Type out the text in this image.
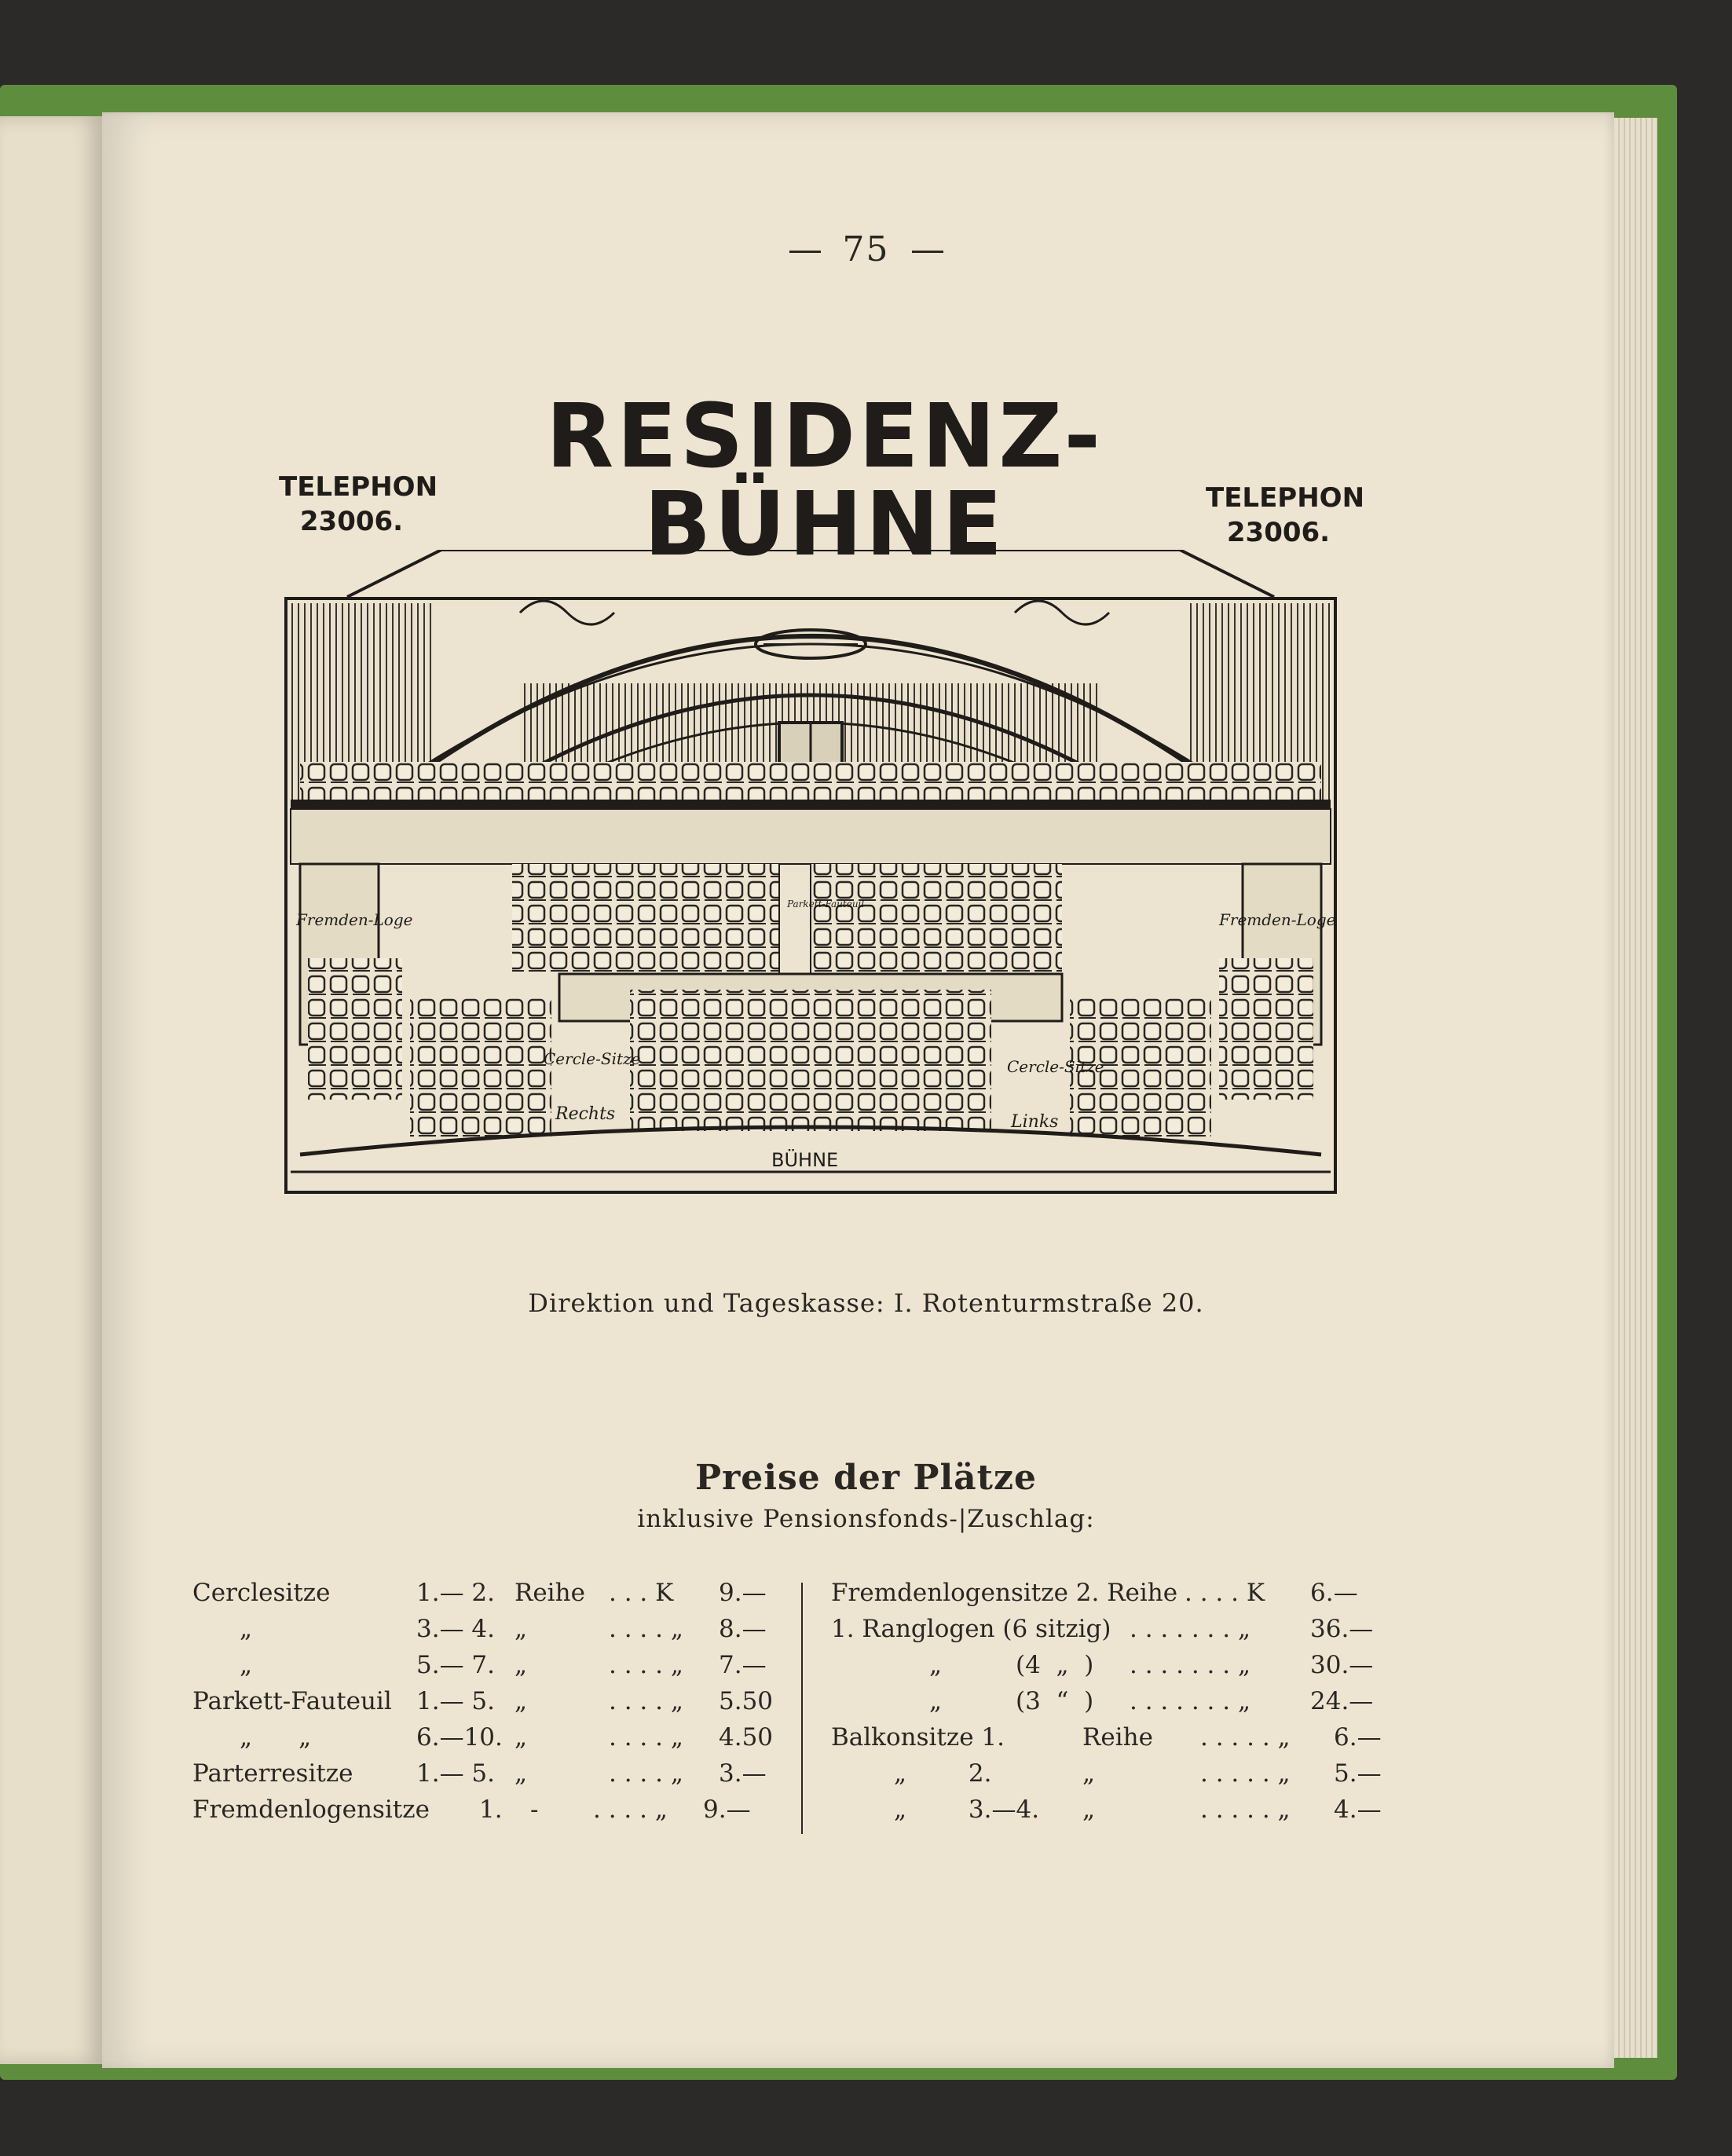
75
TELEPHON
23006.
RESIDENZ-BÜHNE	TELEPHON
23006.
Fremden-Loge	Fremden-Loge
Cercle-Sitze	Cercle-Sitze
Rechts	Links
Parkett-Fauteuil
BÜHNE
Direktion und Tageskasse: I. Rotenturmstraße 20.
Preise der Plätze
inklusive Pensionsfonds-|Zuschlag:
Cerclesitze	1.— 2. Reihe . . . K	9.—
„	3.— 4. „	. . . . „	8.—
„	5.— 7. „	. . . . „	7.—
Parkett-Fauteuil	1.— 5. „	. . . . „	5.50
„      „	6.—10. „	. . . . „	4.50
Parterresitze	1.— 5. „	. . . . „	3.—
Fremdenlogensitze	1.	-	. . . . „	9.—
Fremdenlogensitze 2. Reihe . . . . K	6.—
1. Ranglogen (6 sitzig) . . . . . . . „	36.—
„	(4  „  )	. . . . . . . „	30.—
„	(3  “  )	. . . . . . . „	24.—
Balkonsitze 1.	Reihe	. . . . . „	6.—
„        2.	„	. . . . . „	5.—
„        3.—4.	„	. . . . . „	4.—
